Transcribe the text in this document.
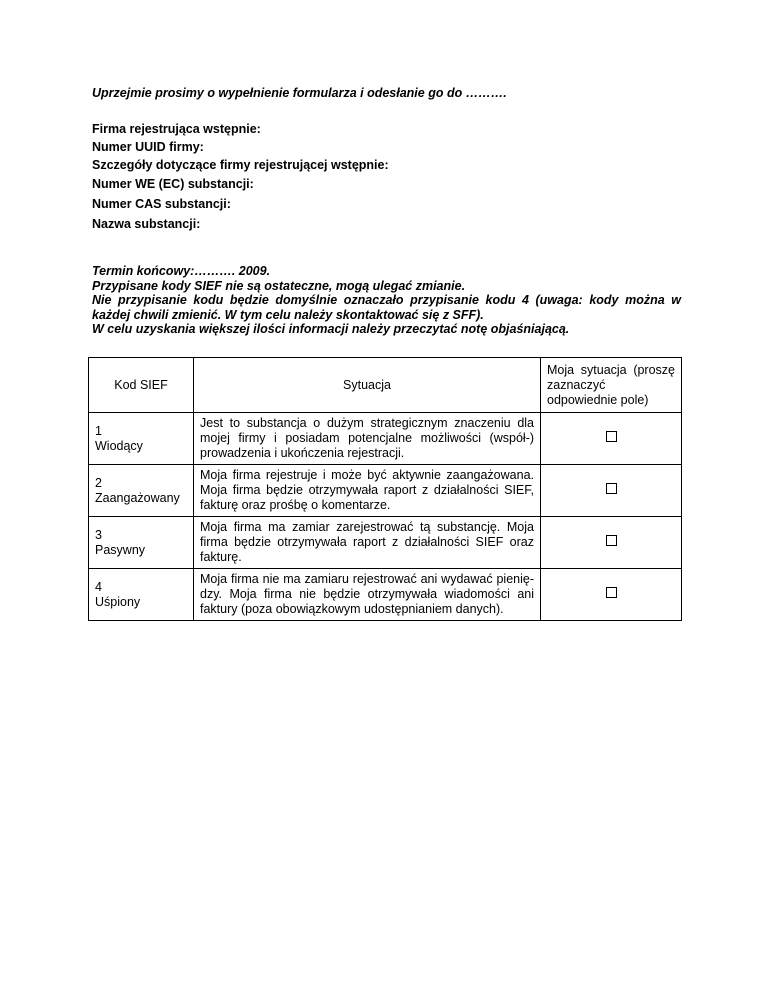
Uprzejmie prosimy o wypełnienie formularza i odesłanie go do ……….

Firma rejestrująca wstępnie:

Numer UUID firmy:

Szczegóły dotyczące firmy rejestrującej wstępnie:

Numer WE (EC) substancji:

Numer CAS substancji:

Nazwa substancji:

Termin końcowy:………. 2009.

Przypisane kody SIEF nie są ostateczne, mogą ulegać zmianie.

Nie przypisanie kodu będzie domyślnie oznaczało przypisanie kodu 4 (uwaga: kody można w każdej chwili zmienić. W tym celu należy skontaktować się z SFF).

W celu uzyskania większej ilości informacji należy przeczytać notę objaśniającą.

Kod SIEF	Sytuacja	Moja sytuacja (proszę zaznaczyć odpowiednie pole)

1
Wiodący	Jest to substancja o dużym strategicznym znaczeniu dla mojej firmy i posiadam potencjalne możliwości (współ-) prowadzenia i ukończenia rejestracji.	

2
Zaangażowany	Moja firma rejestruje i może być aktywnie zaangażowana. Moja firma będzie otrzymywała raport z działalności SIEF, fakturę oraz prośbę o komentarze.	

3
Pasywny	Moja firma ma zamiar zarejestrować tą substancję. Moja firma będzie otrzymywała raport z działalności SIEF oraz fakturę.	

4
Uśpiony	Moja firma nie ma zamiaru rejestrować ani wydawać pienię-dzy. Moja firma nie będzie otrzymywała wiadomości ani faktury (poza obowiązkowym udostępnianiem danych).	
